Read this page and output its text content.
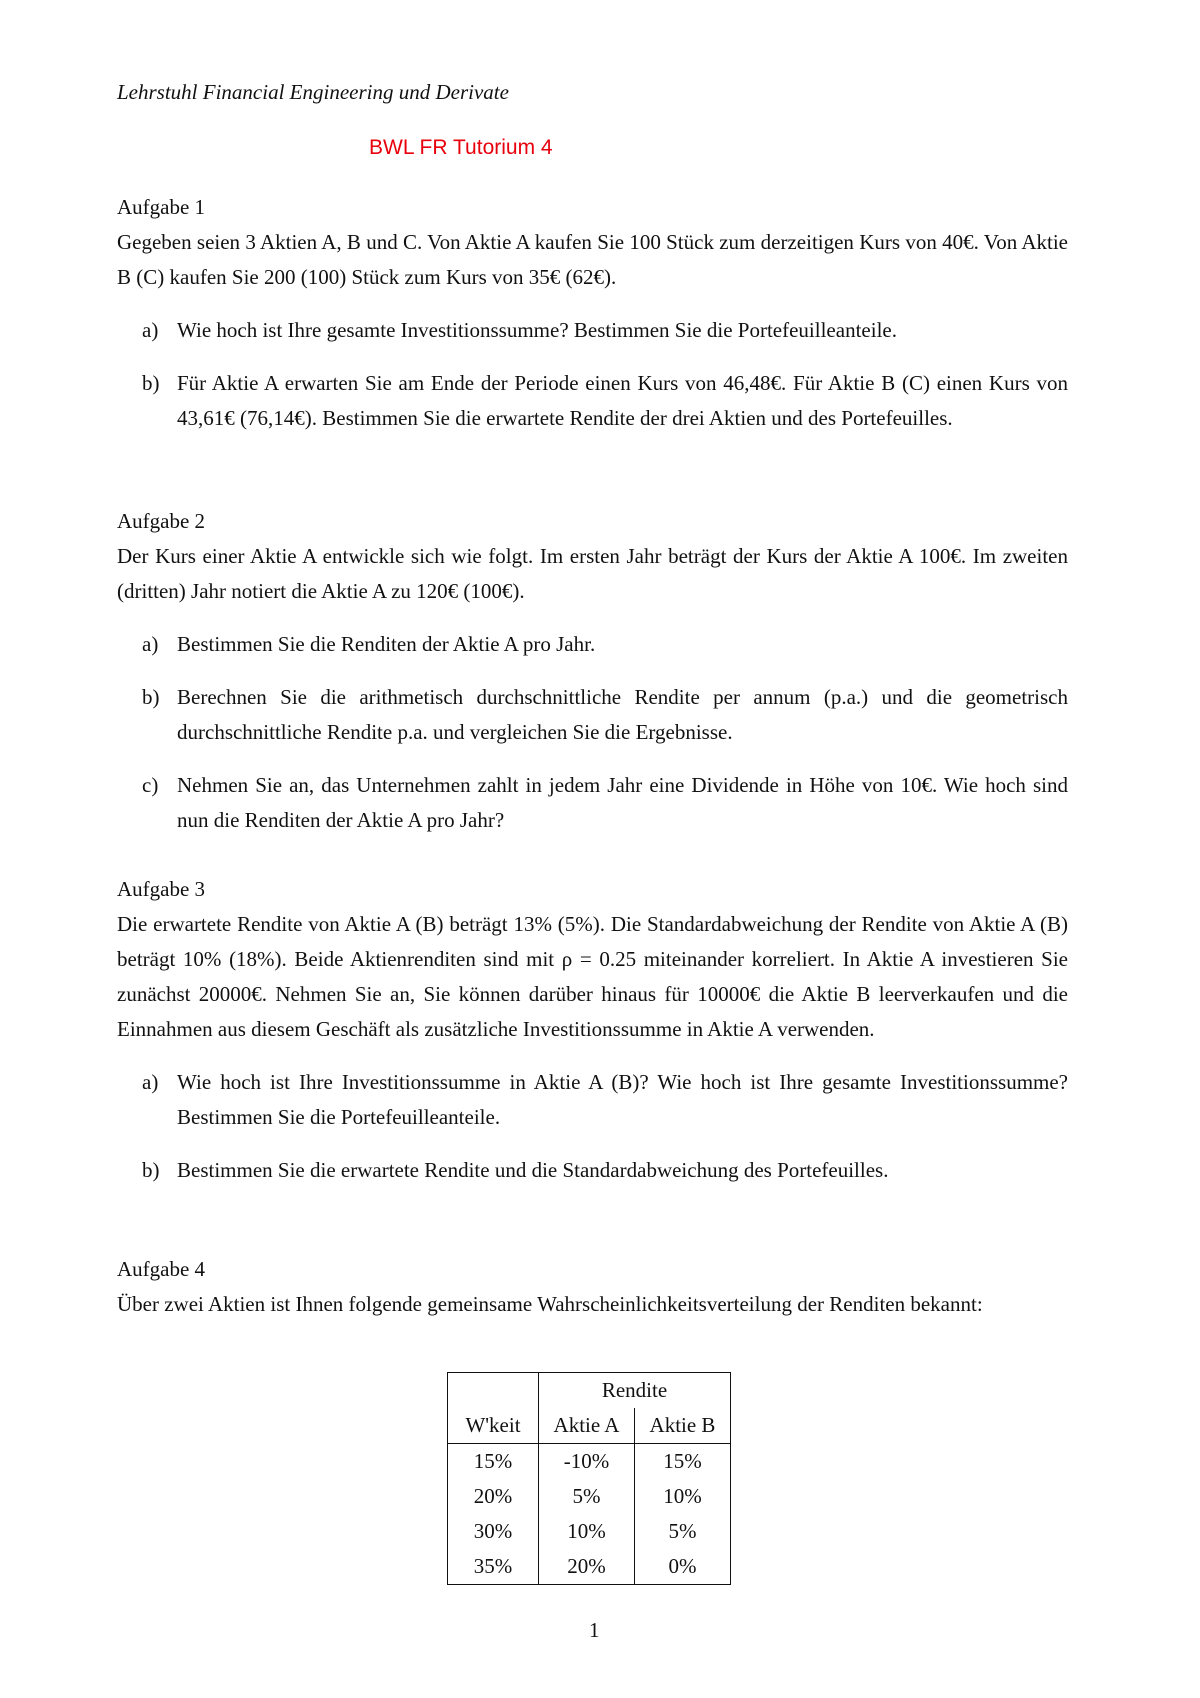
Lehrstuhl Financial Engineering und Derivate
BWL FR Tutorium 4

Aufgabe 1

Gegeben seien 3 Aktien A, B und C. Von Aktie A kaufen Sie 100 Stück zum derzeitigen Kurs von 40€. Von Aktie B (C) kaufen Sie 200 (100) Stück zum Kurs von 35€ (62€).

a) Wie hoch ist Ihre gesamte Investitionssumme? Bestimmen Sie die Portefeuilleanteile.
b) Für Aktie A erwarten Sie am Ende der Periode einen Kurs von 46,48€. Für Aktie B (C) einen Kurs von 43,61€ (76,14€). Bestimmen Sie die erwartete Rendite der drei Aktien und des Portefeuilles.

Aufgabe 2

Der Kurs einer Aktie A entwickle sich wie folgt. Im ersten Jahr beträgt der Kurs der Aktie A 100€. Im zweiten (dritten) Jahr notiert die Aktie A zu 120€ (100€).

a) Bestimmen Sie die Renditen der Aktie A pro Jahr.
b) Berechnen Sie die arithmetisch durchschnittliche Rendite per annum (p.a.) und die geometrisch durchschnittliche Rendite p.a. und vergleichen Sie die Ergebnisse.
c) Nehmen Sie an, das Unternehmen zahlt in jedem Jahr eine Dividende in Höhe von 10€. Wie hoch sind nun die Renditen der Aktie A pro Jahr?

Aufgabe 3

Die erwartete Rendite von Aktie A (B) beträgt 13% (5%). Die Standardabweichung der Rendite von Aktie A (B) beträgt 10% (18%). Beide Aktienrenditen sind mit ρ = 0.25 miteinander korreliert. In Aktie A investieren Sie zunächst 20000€. Nehmen Sie an, Sie können darüber hinaus für 10000€ die Aktie B leerverkaufen und die Einnahmen aus diesem Geschäft als zusätzliche Investitionssumme in Aktie A verwenden.

a) Wie hoch ist Ihre Investitionssumme in Aktie A (B)? Wie hoch ist Ihre gesamte Investitionssumme? Bestimmen Sie die Portefeuilleanteile.
b) Bestimmen Sie die erwartete Rendite und die Standardabweichung des Portefeuilles.

Aufgabe 4

Über zwei Aktien ist Ihnen folgende gemeinsame Wahrscheinlichkeitsverteilung der Renditen bekannt:

	Rendite	
W'keit	Aktie A	Aktie B
15%	-10%	15%
20%	5%	10%
30%	10%	5%
35%	20%	0%
1
